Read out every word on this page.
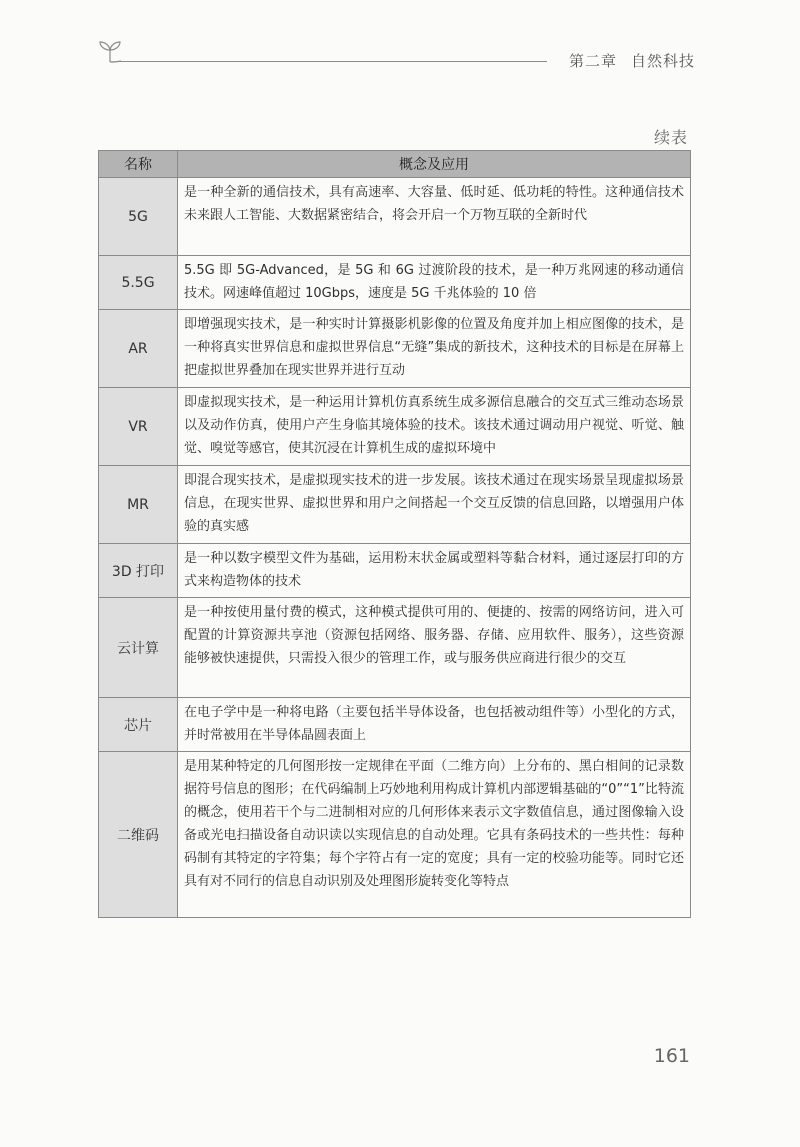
第二章 自然科技
续表
名称	概念及应用
5G	是一种全新的通信技术，具有高速率、大容量、低时延、低功耗的特性。这种通信技术未来跟人工智能、大数据紧密结合，将会开启一个万物互联的全新时代
5.5G	5.5G 即 5G-Advanced，是 5G 和 6G 过渡阶段的技术，是一种万兆网速的移动通信技术。网速峰值超过 10Gbps，速度是 5G 千兆体验的 10 倍
AR	即增强现实技术，是一种实时计算摄影机影像的位置及角度并加上相应图像的技术，是一种将真实世界信息和虚拟世界信息“无缝”集成的新技术，这种技术的目标是在屏幕上把虚拟世界叠加在现实世界并进行互动
VR	即虚拟现实技术，是一种运用计算机仿真系统生成多源信息融合的交互式三维动态场景以及动作仿真，使用户产生身临其境体验的技术。该技术通过调动用户视觉、听觉、触觉、嗅觉等感官，使其沉浸在计算机生成的虚拟环境中
MR	即混合现实技术，是虚拟现实技术的进一步发展。该技术通过在现实场景呈现虚拟场景信息，在现实世界、虚拟世界和用户之间搭起一个交互反馈的信息回路，以增强用户体验的真实感
3D 打印	是一种以数字模型文件为基础，运用粉末状金属或塑料等黏合材料，通过逐层打印的方式来构造物体的技术
云计算	是一种按使用量付费的模式，这种模式提供可用的、便捷的、按需的网络访问，进入可配置的计算资源共享池（资源包括网络、服务器、存储、应用软件、服务），这些资源能够被快速提供，只需投入很少的管理工作，或与服务供应商进行很少的交互
芯片	在电子学中是一种将电路（主要包括半导体设备，也包括被动组件等）小型化的方式，并时常被用在半导体晶圆表面上
二维码	是用某种特定的几何图形按一定规律在平面（二维方向）上分布的、黑白相间的记录数据符号信息的图形；在代码编制上巧妙地利用构成计算机内部逻辑基础的“0”“1”比特流的概念，使用若干个与二进制相对应的几何形体来表示文字数值信息，通过图像输入设备或光电扫描设备自动识读以实现信息的自动处理。它具有条码技术的一些共性：每种码制有其特定的字符集；每个字符占有一定的宽度；具有一定的校验功能等。同时它还具有对不同行的信息自动识别及处理图形旋转变化等特点
161
